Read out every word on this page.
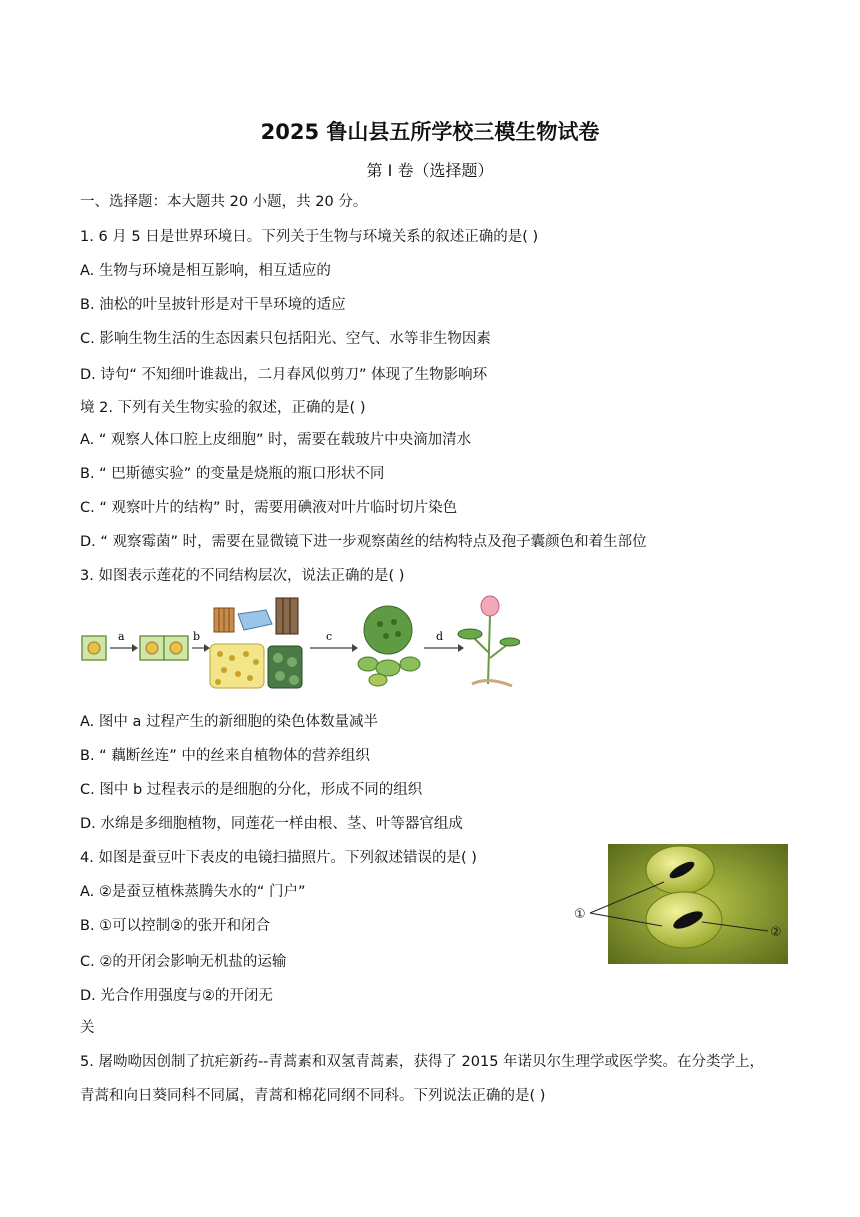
2025 鲁山县五所学校三模生物试卷
第 Ⅰ 卷（选择题）
一、选择题：本大题共 20 小题，共 20 分。
1. 6 月 5 日是世界环境日。下列关于生物与环境关系的叙述正确的是( )
A. 生物与环境是相互影响，相互适应的
B. 油松的叶呈披针形是对干旱环境的适应
C. 影响生物生活的生态因素只包括阳光、空气、水等非生物因素
D. 诗句“ 不知细叶谁裁出，二月春风似剪刀” 体现了生物影响环
境 2. 下列有关生物实验的叙述，正确的是( )
A. “ 观察人体口腔上皮细胞” 时，需要在载玻片中央滴加清水
B. “ 巴斯德实验” 的变量是烧瓶的瓶口形状不同
C. “ 观察叶片的结构” 时，需要用碘液对叶片临时切片染色
D. “ 观察霉菌” 时，需要在显微镜下进一步观察菌丝的结构特点及孢子囊颜色和着生部位
3. 如图表示莲花的不同结构层次，说法正确的是( )
a	b	c	d
A. 图中 a 过程产生的新细胞的染色体数量减半
B. “ 藕断丝连” 中的丝来自植物体的营养组织
C. 图中 b 过程表示的是细胞的分化，形成不同的组织
D. 水绵是多细胞植物，同莲花一样由根、茎、叶等器官组成
4. 如图是蚕豆叶下表皮的电镜扫描照片。下列叙述错误的是( )
A. ②是蚕豆植株蒸腾失水的“ 门户”
B. ①可以控制②的张开和闭合
C. ②的开闭会影响无机盐的运输
D. 光合作用强度与②的开闭无
关
①
②
5. 屠呦呦因创制了抗疟新药--青蒿素和双氢青蒿素，获得了 2015 年诺贝尔生理学或医学奖。在分类学上，
青蒿和向日葵同科不同属，青蒿和棉花同纲不同科。下列说法正确的是( )
